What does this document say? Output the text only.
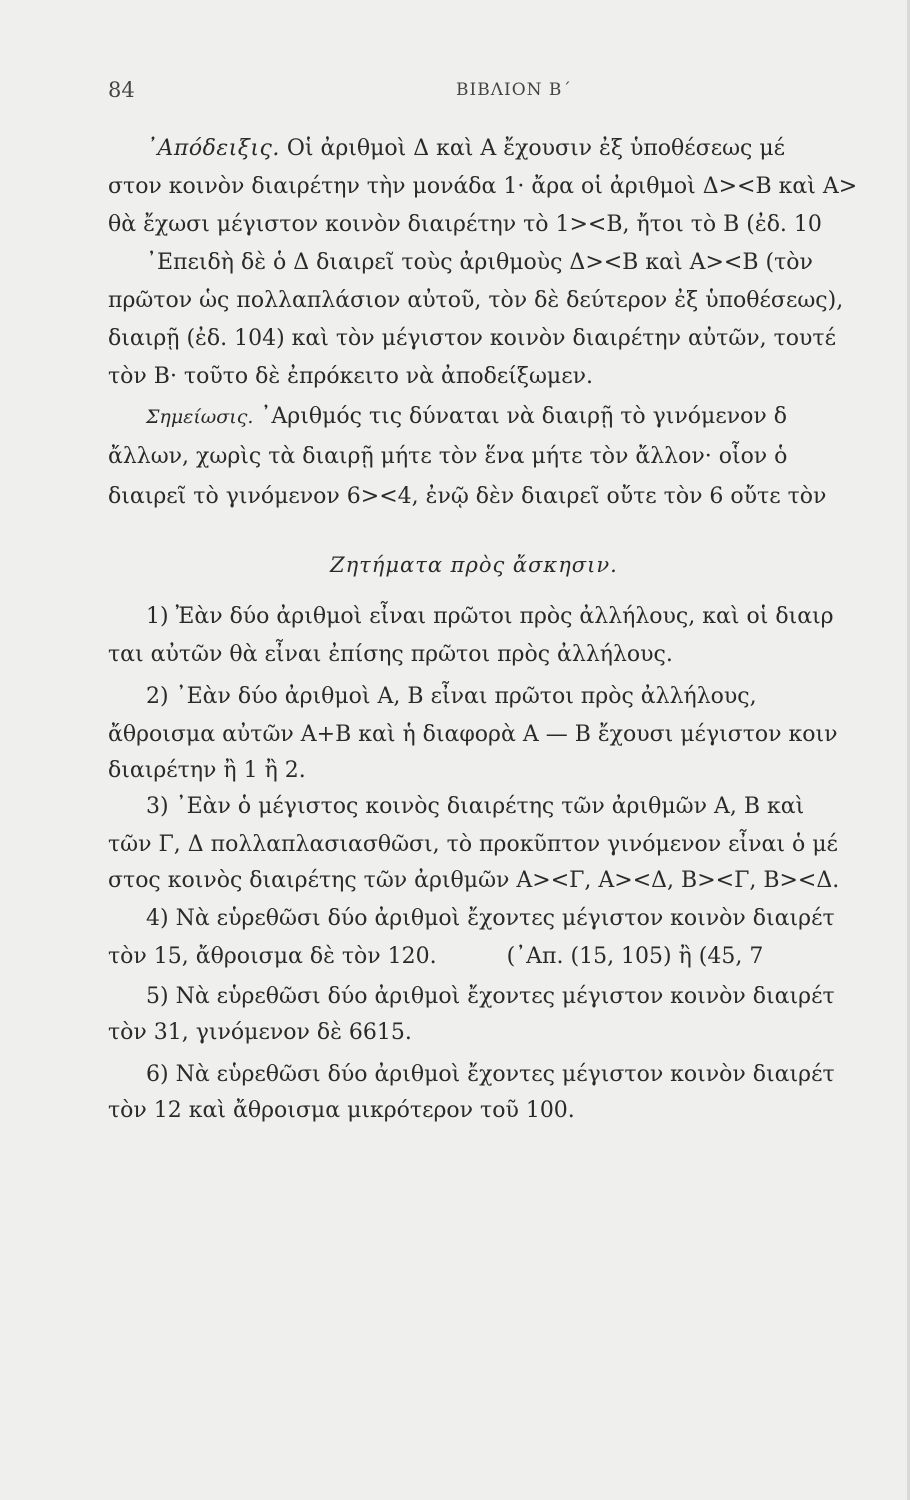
84	ΒΙΒΛΙΟΝ Β΄
᾿Απόδειξις. Οἱ ἀριθμοὶ Δ καὶ Α ἔχουσιν ἐξ ὑποθέσεως μέ
στον κοινὸν διαιρέτην τὴν μονάδα 1· ἄρα οἱ ἀριθμοὶ Δ><Β καὶ Α>
θὰ ἔχωσι μέγιστον κοινὸν διαιρέτην τὸ 1><Β, ἤτοι τὸ Β (ἐδ. 10
᾿Επειδὴ δὲ ὁ Δ διαιρεῖ τοὺς ἀριθμοὺς Δ><Β καὶ Α><Β (τὸν
πρῶτον ὡς πολλαπλάσιον αὐτοῦ, τὸν δὲ δεύτερον ἐξ ὑποθέσεως),
διαιρῇ (ἐδ. 104) καὶ τὸν μέγιστον κοινὸν διαιρέτην αὐτῶν, τουτέ
τὸν Β· τοῦτο δὲ ἐπρόκειτο νὰ ἀποδείξωμεν.
Σημείωσις. ᾿Αριθμός τις δύναται νὰ διαιρῇ τὸ γινόμενον δ
ἄλλων, χωρὶς τὰ διαιρῇ μήτε τὸν ἕνα μήτε τὸν ἄλλον· οἷον ὁ
διαιρεῖ τὸ γινόμενον 6><4, ἐνῷ δὲν διαιρεῖ οὔτε τὸν 6 οὔτε τὸν
Ζητήματα πρὸς ἄσκησιν.
1) Ἐὰν δύο ἀριθμοὶ εἶναι πρῶτοι πρὸς ἀλλήλους, καὶ οἱ διαιρ
ται αὐτῶν θὰ εἶναι ἐπίσης πρῶτοι πρὸς ἀλλήλους.
2) ᾿Εὰν δύο ἀριθμοὶ Α, Β εἶναι πρῶτοι πρὸς ἀλλήλους,
ἄθροισμα αὐτῶν Α+Β καὶ ἡ διαφορὰ Α — Β ἔχουσι μέγιστον κοιν
διαιρέτην ἢ 1 ἢ 2.
3) ᾿Εὰν ὁ μέγιστος κοινὸς διαιρέτης τῶν ἀριθμῶν Α, Β καὶ
τῶν Γ, Δ πολλαπλασιασθῶσι, τὸ προκῦπτον γινόμενον εἶναι ὁ μέ
στος κοινὸς διαιρέτης τῶν ἀριθμῶν Α><Γ, Α><Δ, Β><Γ, Β><Δ.
4) Νὰ εὑρεθῶσι δύο ἀριθμοὶ ἔχοντες μέγιστον κοινὸν διαιρέτ
τὸν 15, ἄθροισμα δὲ τὸν 120.          (᾿Απ. (15, 105) ἢ (45, 7
5) Νὰ εὑρεθῶσι δύο ἀριθμοὶ ἔχοντες μέγιστον κοινὸν διαιρέτ
τὸν 31, γινόμενον δὲ 6615.
6) Νὰ εὑρεθῶσι δύο ἀριθμοὶ ἔχοντες μέγιστον κοινὸν διαιρέτ
τὸν 12 καὶ ἄθροισμα μικρότερον τοῦ 100.
